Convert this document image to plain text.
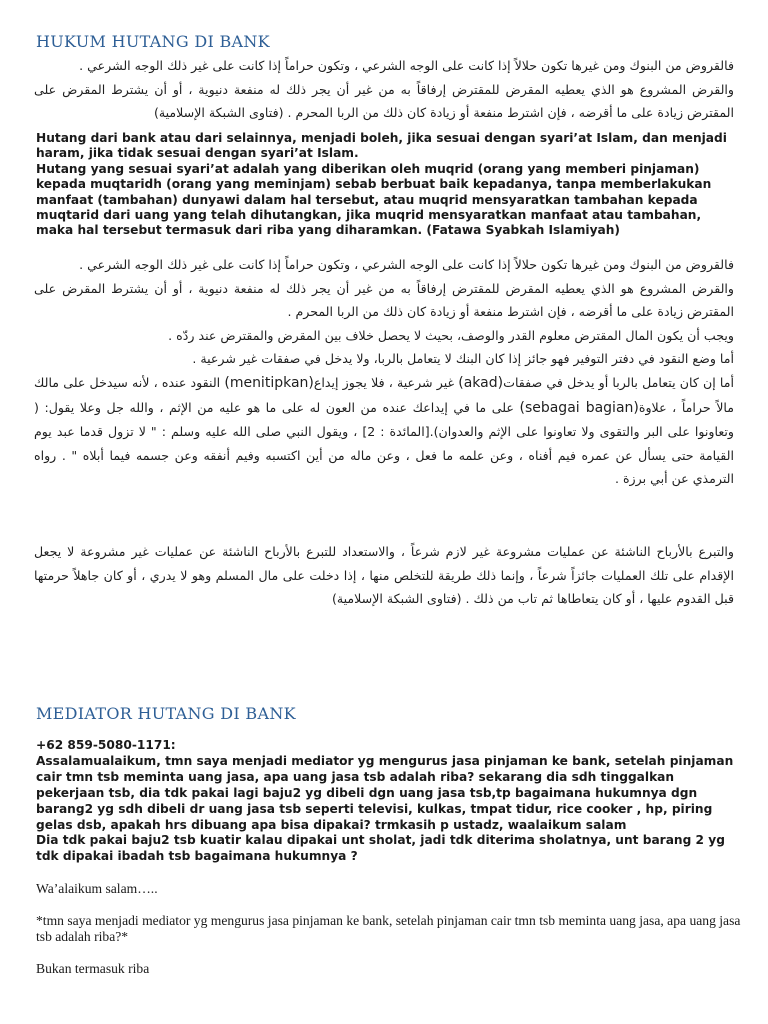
HUKUM HUTANG DI BANK

فالقروض من البنوك ومن غيرها تكون حلالاً إذا كانت على الوجه الشرعي ، وتكون حراماً إذا كانت على غير ذلك الوجه الشرعي .

والقرض المشروع هو الذي يعطيه المقرض للمقترض إرفاقاً به من غير أن يجر ذلك له منفعة دنيوية ، أو أن يشترط المقرض على المقترض زيادة على ما أقرضه ، فإن اشترط منفعة أو زيادة كان ذلك من الربا المحرم . (فتاوى الشبكة الإسلامية)

Hutang dari bank atau dari selainnya, menjadi boleh, jika sesuai dengan syari’at Islam, dan menjadi haram, jika tidak sesuai dengan syari’at Islam.

Hutang yang sesuai syari’at adalah yang diberikan oleh muqrid (orang yang memberi pinjaman) kepada muqtaridh (orang yang meminjam) sebab berbuat baik kepadanya, tanpa memberlakukan manfaat (tambahan) dunyawi dalam hal tersebut, atau muqrid mensyaratkan tambahan kepada muqtarid dari uang yang telah dihutangkan, jika muqrid mensyaratkan manfaat atau tambahan, maka hal tersebut termasuk dari riba yang diharamkan. (Fatawa Syabkah Islamiyah)

فالقروض من البنوك ومن غيرها تكون حلالاً إذا كانت على الوجه الشرعي ، وتكون حراماً إذا كانت على غير ذلك الوجه الشرعي .

والقرض المشروع هو الذي يعطيه المقرض للمقترض إرفاقاً به من غير أن يجر ذلك له منفعة دنيوية ، أو أن يشترط المقرض على المقترض زيادة على ما أقرضه ، فإن اشترط منفعة أو زيادة كان ذلك من الربا المحرم .

ويجب أن يكون المال المقترض معلوم القدر والوصف، بحيث لا يحصل خلاف بين المقرض والمقترض عند ردّه .

أما وضع النقود في دفتر التوفير فهو جائز إذا كان البنك لا يتعامل بالربا، ولا يدخل في صفقات غير شرعية .

أما إن كان يتعامل بالربا أو يدخل في صفقات(akad) غير شرعية ، فلا يجوز إيداع(menitipkan) النقود عنده ، لأنه سيدخل على مالك مالاً حراماً ، علاوة(sebagai bagian) على ما في إيداعك عنده من العون له على ما هو عليه من الإثم ، والله جل وعلا يقول: ( وتعاونوا على البر والتقوى ولا تعاونوا على الإثم والعدوان).[المائدة : 2] ، ويقول النبي صلى الله عليه وسلم : " لا تزول قدما عبد يوم القيامة حتى يسأل عن عمره فيم أفناه ، وعن علمه ما فعل ، وعن ماله من أين اكتسبه وفيم أنفقه وعن جسمه فيما أبلاه " . رواه الترمذي عن أبي برزة .

والتبرع بالأرباح الناشئة عن عمليات مشروعة غير لازم شرعاً ، والاستعداد للتبرع بالأرباح الناشئة عن عمليات غير مشروعة لا يجعل الإقدام على تلك العمليات جائزاً شرعاً ، وإنما ذلك طريقة للتخلص منها ، إذا دخلت على مال المسلم وهو لا يدري ، أو كان جاهلاً حرمتها قبل القدوم عليها ، أو كان يتعاطاها ثم تاب من ذلك . (فتاوى الشبكة الإسلامية)

MEDIATOR HUTANG DI BANK

+62 859-5080-1171:

Assalamualaikum, tmn saya menjadi mediator yg mengurus jasa pinjaman ke bank, setelah pinjaman cair tmn tsb meminta uang jasa, apa uang jasa tsb adalah riba? sekarang dia sdh tinggalkan pekerjaan tsb, dia tdk pakai lagi baju2 yg dibeli dgn uang jasa tsb,tp bagaimana hukumnya dgn barang2 yg sdh dibeli dr uang jasa tsb seperti televisi, kulkas, tmpat tidur, rice cooker , hp, piring gelas dsb, apakah hrs dibuang apa bisa dipakai? trmkasih p ustadz, waalaikum salam

Dia tdk pakai baju2 tsb kuatir kalau dipakai unt sholat, jadi tdk diterima sholatnya, unt barang 2 yg tdk dipakai ibadah tsb bagaimana hukumnya ?

Wa’alaikum salam…..

*tmn saya menjadi mediator yg mengurus jasa pinjaman ke bank, setelah pinjaman cair tmn tsb meminta uang jasa, apa uang jasa tsb adalah riba?*

Bukan termasuk riba
